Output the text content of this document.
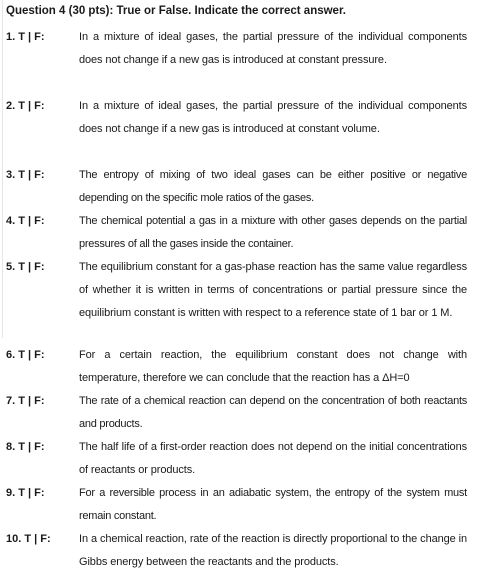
Question 4 (30 pts): True or False. Indicate the correct answer.
1. T | F:	In a mixture of ideal gases, the partial pressure of the individual components does not change if a new gas is introduced at constant pressure.
2. T | F:	In a mixture of ideal gases, the partial pressure of the individual components does not change if a new gas is introduced at constant volume.
3. T | F:	The entropy of mixing of two ideal gases can be either positive or negative depending on the specific mole ratios of the gases.
4. T | F:	The chemical potential a gas in a mixture with other gases depends on the partial pressures of all the gases inside the container.
5. T | F:	The equilibrium constant for a gas-phase reaction has the same value regardless of whether it is written in terms of concentrations or partial pressure since the equilibrium constant is written with respect to a reference state of 1 bar or 1 M.
6. T | F:	For a certain reaction, the equilibrium constant does not change with temperature, therefore we can conclude that the reaction has a ΔH=0
7. T | F:	The rate of a chemical reaction can depend on the concentration of both reactants and products.
8. T | F:	The half life of a first-order reaction does not depend on the initial concentrations of reactants or products.
9. T | F:	For a reversible process in an adiabatic system, the entropy of the system must remain constant.
10. T | F:	In a chemical reaction, rate of the reaction is directly proportional to the change in Gibbs energy between the reactants and the products.
